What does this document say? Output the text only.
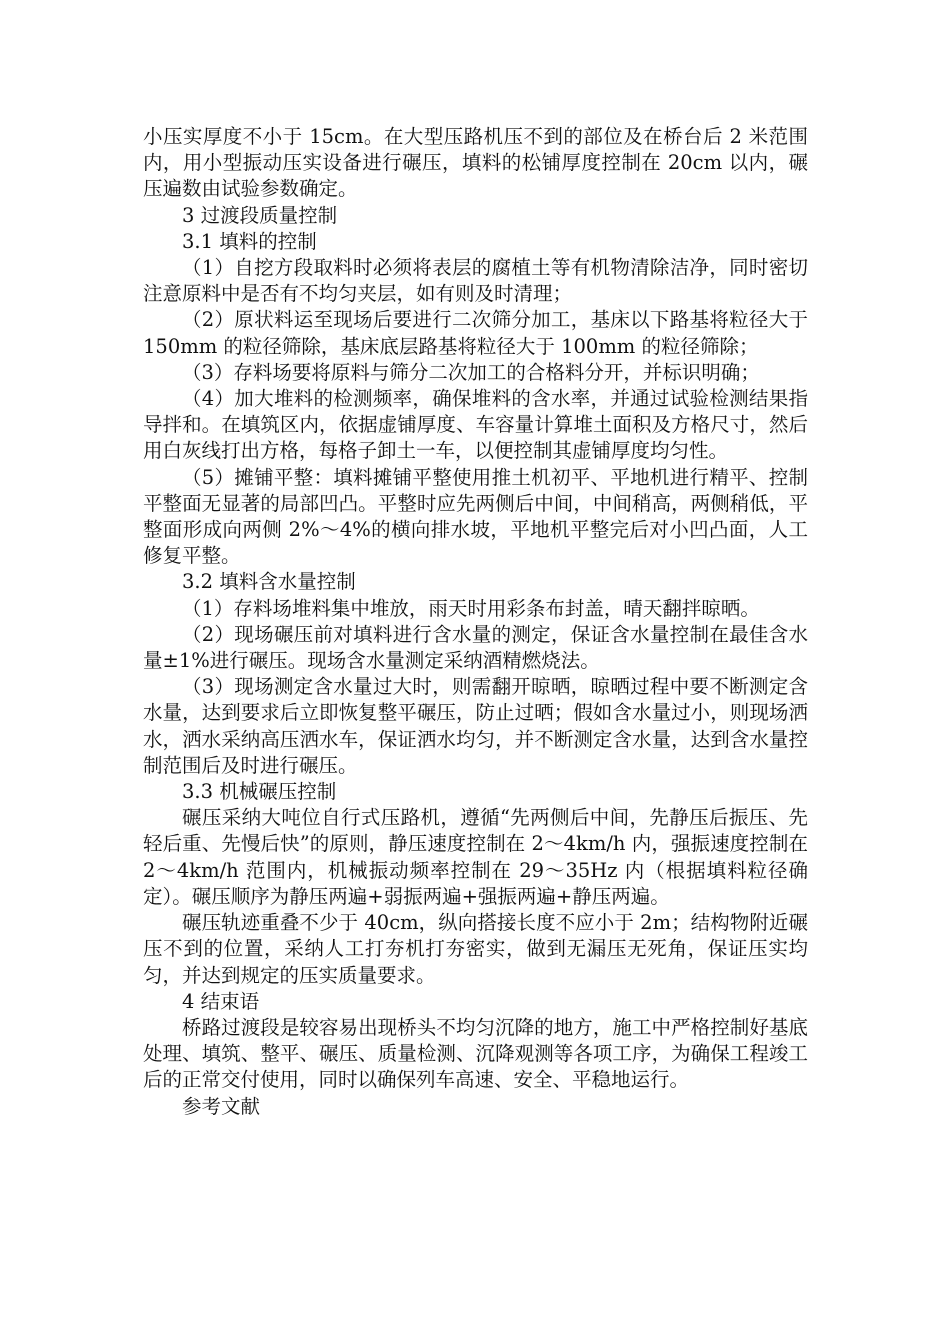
小压实厚度不小于 15cm。在大型压路机压不到的部位及在桥台后 2 米范围内，用小型振动压实设备进行碾压，填料的松铺厚度控制在 20cm 以内，碾压遍数由试验参数确定。

3 过渡段质量控制

3.1 填料的控制

（1）自挖方段取料时必须将表层的腐植土等有机物清除洁净，同时密切注意原料中是否有不均匀夹层，如有则及时清理；

（2）原状料运至现场后要进行二次筛分加工，基床以下路基将粒径大于 150mm 的粒径筛除，基床底层路基将粒径大于 100mm 的粒径筛除；

（3）存料场要将原料与筛分二次加工的合格料分开，并标识明确；

（4）加大堆料的检测频率，确保堆料的含水率，并通过试验检测结果指导拌和。在填筑区内，依据虚铺厚度、车容量计算堆土面积及方格尺寸，然后用白灰线打出方格，每格子卸土一车，以便控制其虚铺厚度均匀性。

（5）摊铺平整：填料摊铺平整使用推土机初平、平地机进行精平、控制平整面无显著的局部凹凸。平整时应先两侧后中间，中间稍高，两侧稍低，平整面形成向两侧 2%～4%的横向排水坡，平地机平整完后对小凹凸面，人工修复平整。

3.2 填料含水量控制

（1）存料场堆料集中堆放，雨天时用彩条布封盖，晴天翻拌晾晒。

（2）现场碾压前对填料进行含水量的测定，保证含水量控制在最佳含水量±1%进行碾压。现场含水量测定采纳酒精燃烧法。

（3）现场测定含水量过大时，则需翻开晾晒，晾晒过程中要不断测定含水量，达到要求后立即恢复整平碾压，防止过晒；假如含水量过小，则现场洒水，洒水采纳高压洒水车，保证洒水均匀，并不断测定含水量，达到含水量控制范围后及时进行碾压。

3.3 机械碾压控制

碾压采纳大吨位自行式压路机，遵循“先两侧后中间，先静压后振压、先轻后重、先慢后快”的原则，静压速度控制在 2～4km/h 内，强振速度控制在 2～4km/h 范围内，机械振动频率控制在 29～35Hz 内（根据填料粒径确定）。碾压顺序为静压两遍+弱振两遍+强振两遍+静压两遍。

碾压轨迹重叠不少于 40cm，纵向搭接长度不应小于 2m；结构物附近碾压不到的位置，采纳人工打夯机打夯密实，做到无漏压无死角，保证压实均匀，并达到规定的压实质量要求。

4 结束语

桥路过渡段是较容易出现桥头不均匀沉降的地方，施工中严格控制好基底处理、填筑、整平、碾压、质量检测、沉降观测等各项工序，为确保工程竣工后的正常交付使用，同时以确保列车高速、安全、平稳地运行。

参考文献
